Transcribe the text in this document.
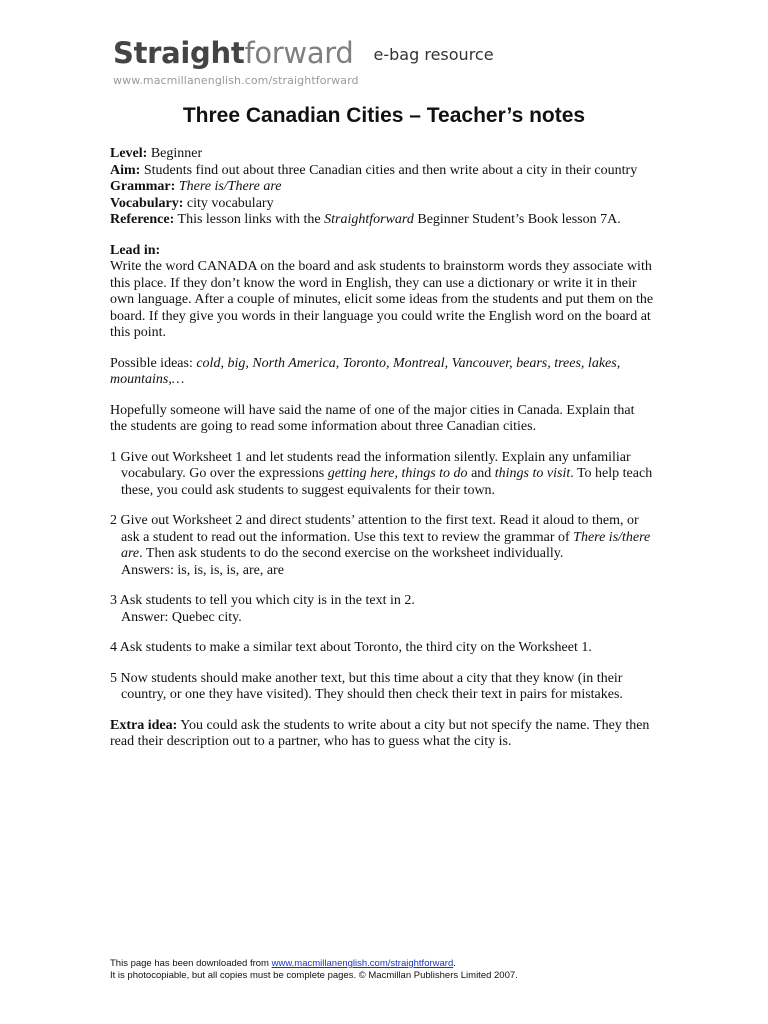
Straightforward e-bag resource
www.macmillanenglish.com/straightforward
Three Canadian Cities – Teacher’s notes

Level: Beginner

Aim: Students find out about three Canadian cities and then write about a city in their country

Grammar: There is/There are

Vocabulary: city vocabulary

Reference: This lesson links with the Straightforward Beginner Student’s Book lesson 7A.

Lead in:

Write the word CANADA on the board and ask students to brainstorm words they associate with this place. If they don’t know the word in English, they can use a dictionary or write it in their own language. After a couple of minutes, elicit some ideas from the students and put them on the board. If they give you words in their language you could write the English word on the board at this point.

Possible ideas: cold, big, North America, Toronto, Montreal, Vancouver, bears, trees, lakes, mountains,…

Hopefully someone will have said the name of one of the major cities in Canada. Explain that the students are going to read some information about three Canadian cities.

1 Give out Worksheet 1 and let students read the information silently. Explain any unfamiliar vocabulary. Go over the expressions getting here, things to do and things to visit. To help teach these, you could ask students to suggest equivalents for their town.

2 Give out Worksheet 2 and direct students’ attention to the first text. Read it aloud to them, or ask a student to read out the information. Use this text to review the grammar of There is/there are. Then ask students to do the second exercise on the worksheet individually.
Answers: is, is, is, is, are, are

3 Ask students to tell you which city is in the text in 2.
Answer: Quebec city.

4 Ask students to make a similar text about Toronto, the third city on the Worksheet 1.

5 Now students should make another text, but this time about a city that they know (in their country, or one they have visited). They should then check their text in pairs for mistakes.

Extra idea: You could ask the students to write about a city but not specify the name. They then read their description out to a partner, who has to guess what the city is.

This page has been downloaded from www.macmillanenglish.com/straightforward.
It is photocopiable, but all copies must be complete pages. © Macmillan Publishers Limited 2007.
